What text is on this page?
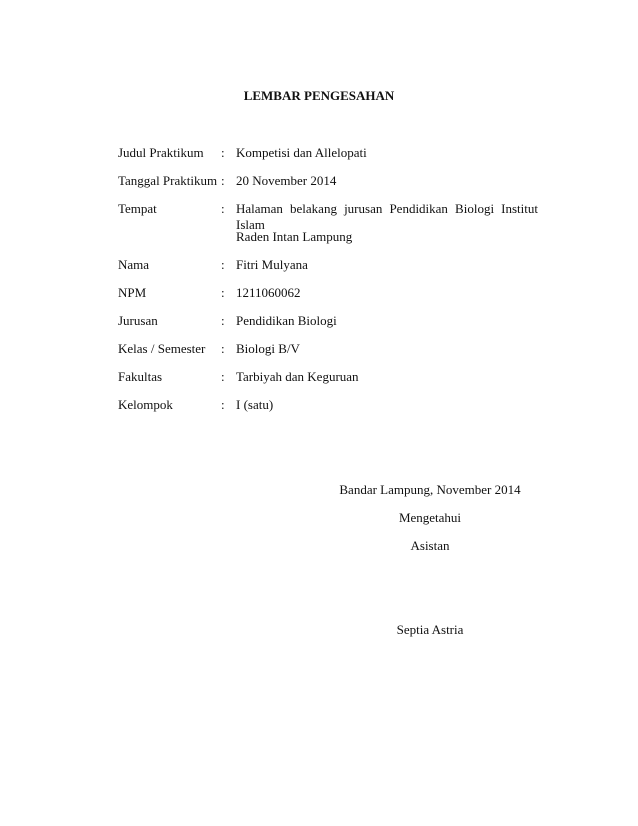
LEMBAR PENGESAHAN
Judul Praktikum : Kompetisi dan Allelopati
Tanggal Praktikum : 20 November 2014
Tempat	: Halaman belakang jurusan Pendidikan Biologi Institut Islam
Raden Intan Lampung
Nama	: Fitri Mulyana
NPM	: 1211060062
Jurusan	: Pendidikan Biologi
Kelas / Semester : Biologi B/V
Fakultas	: Tarbiyah dan Keguruan
Kelompok	: I (satu)
Bandar Lampung, November 2014
Mengetahui
Asistan
Septia Astria
